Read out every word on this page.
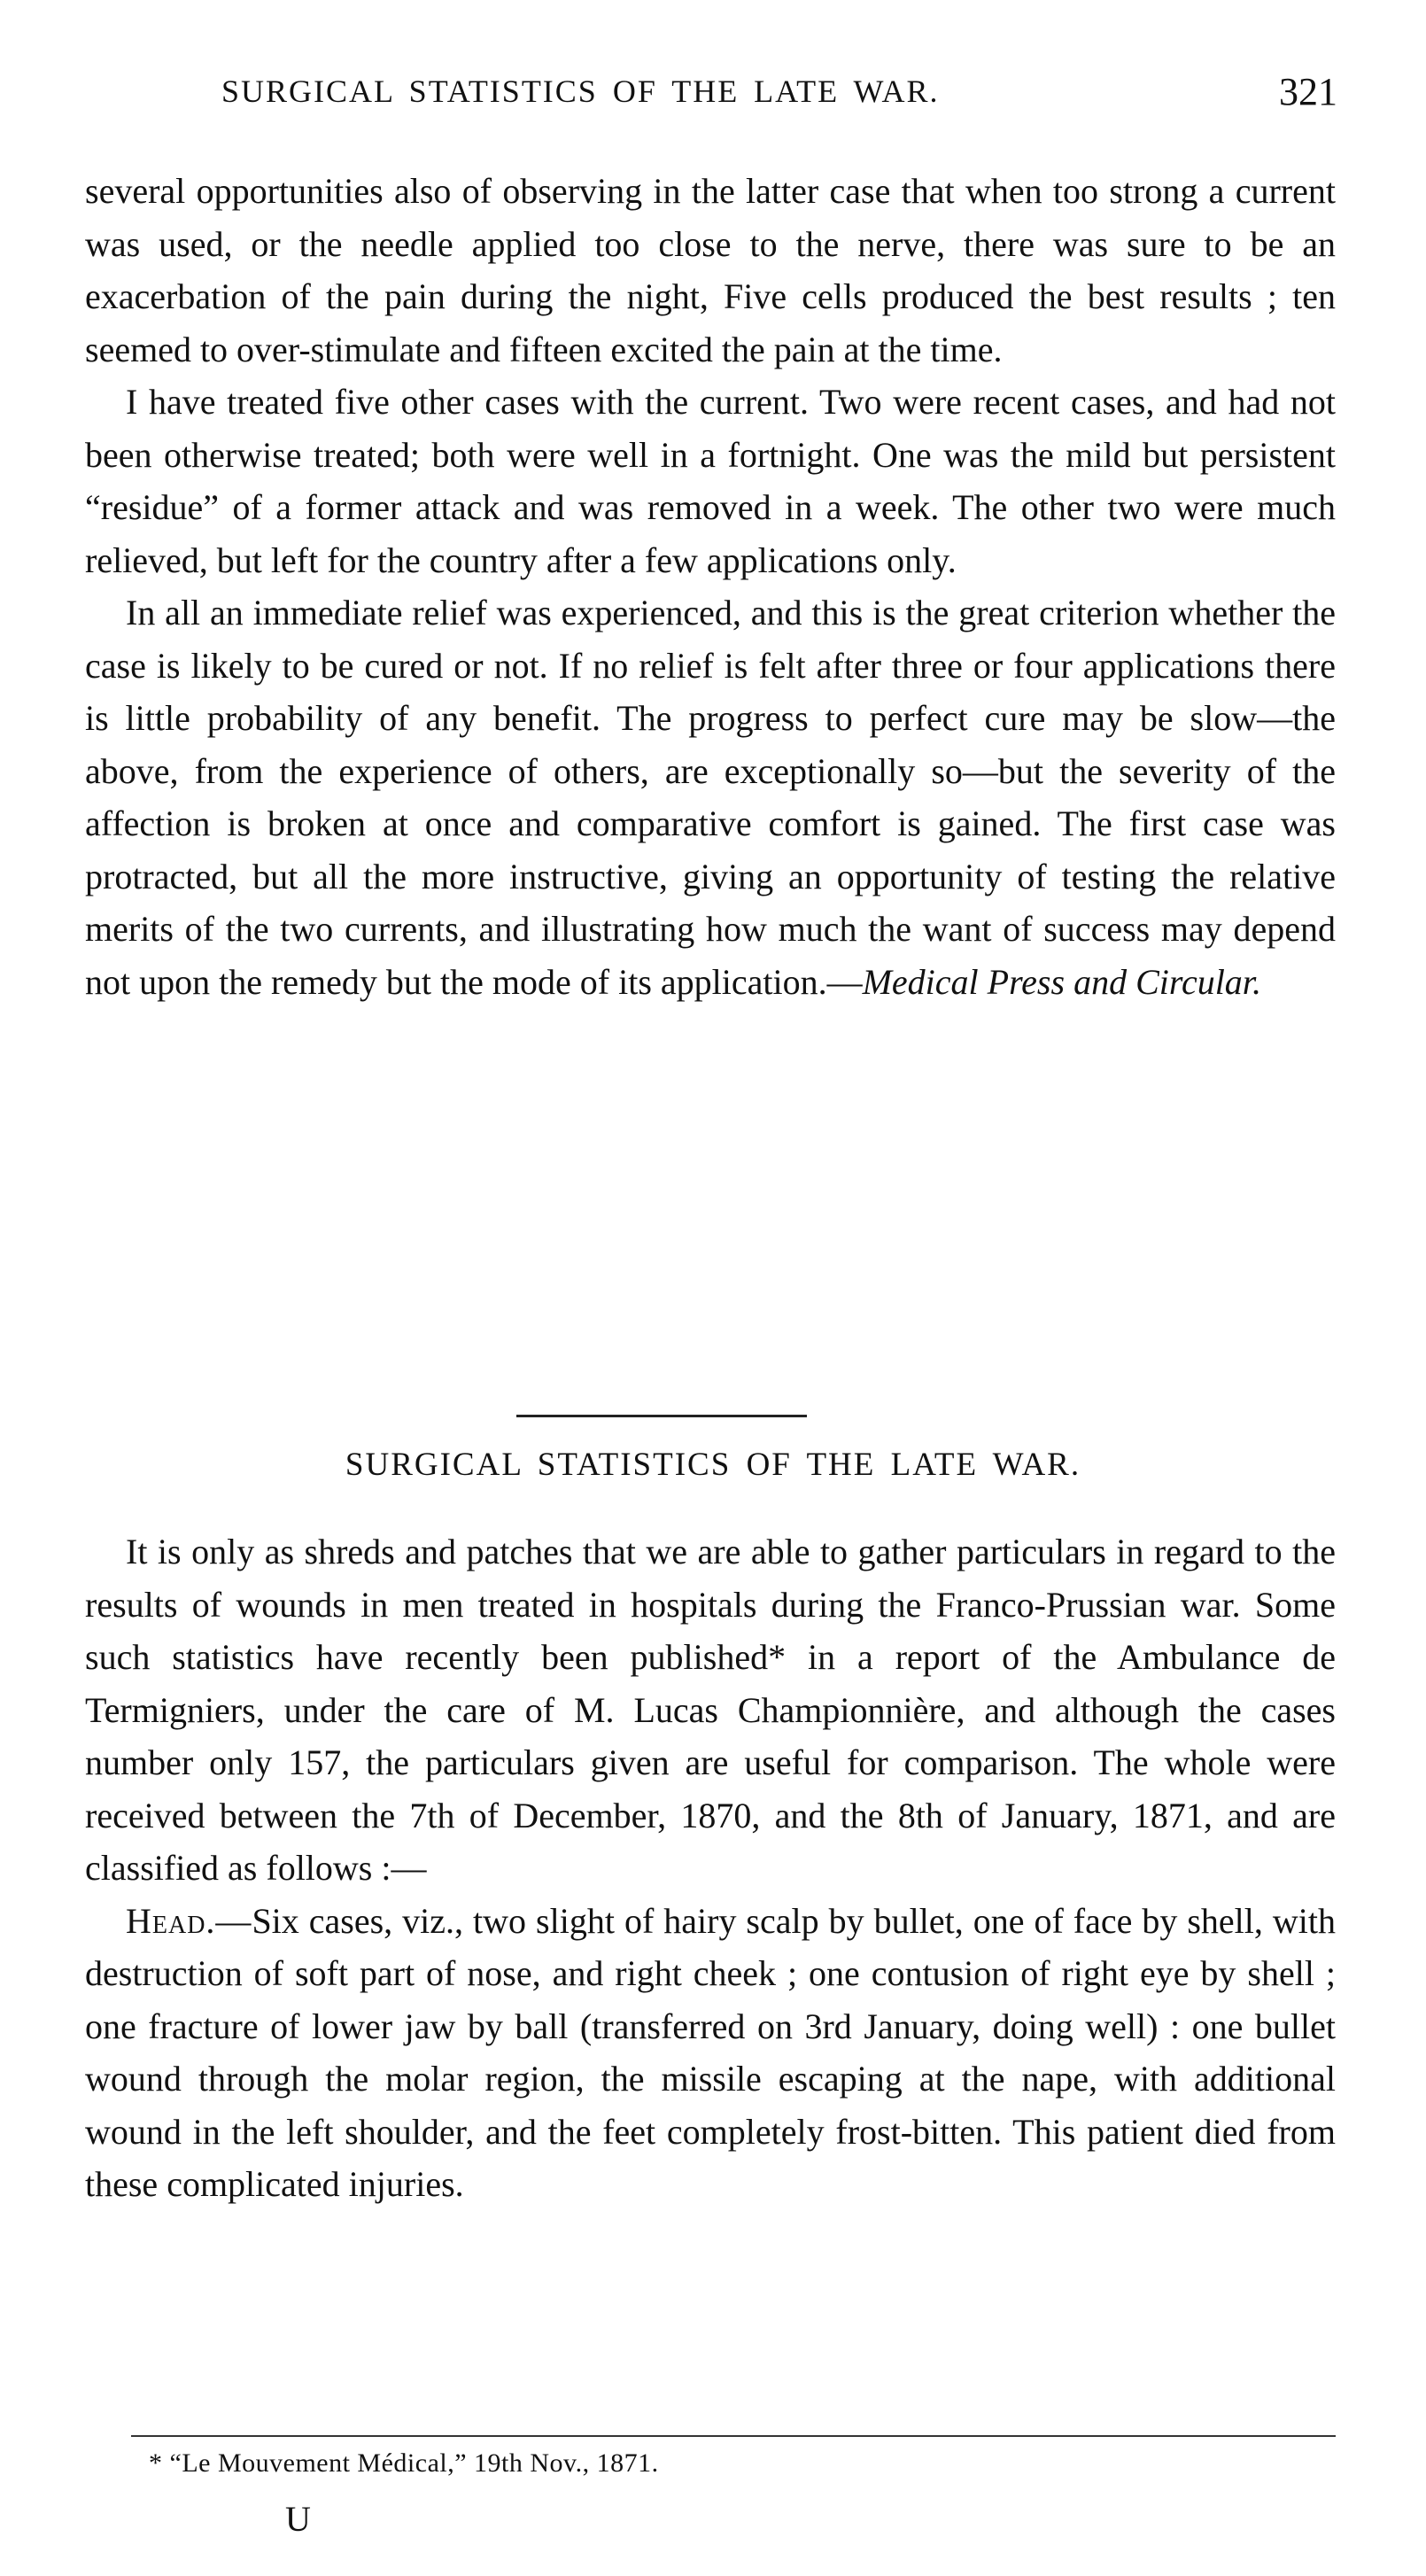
SURGICAL STATISTICS OF THE LATE WAR.	321

several opportunities also of observing in the latter case that when too strong a current was used, or the needle applied too close to the nerve, there was sure to be an exacerbation of the pain during the night, Five cells produced the best results ; ten seemed to over-stimulate and fifteen excited the pain at the time.

I have treated five other cases with the current. Two were recent cases, and had not been otherwise treated; both were well in a fortnight. One was the mild but persistent “residue” of a former attack and was removed in a week. The other two were much relieved, but left for the country after a few applications only.

In all an immediate relief was experienced, and this is the great criterion whether the case is likely to be cured or not. If no relief is felt after three or four applications there is little probability of any benefit. The progress to perfect cure may be slow—the above, from the experience of others, are exceptionally so—but the severity of the affection is broken at once and comparative comfort is gained. The first case was protracted, but all the more instructive, giving an opportunity of testing the relative merits of the two currents, and illustrating how much the want of success may depend not upon the remedy but the mode of its application.—Medical Press and Circular.

SURGICAL STATISTICS OF THE LATE WAR.

It is only as shreds and patches that we are able to gather particulars in regard to the results of wounds in men treated in hospitals during the Franco-Prussian war. Some such statistics have recently been published* in a report of the Ambulance de Termigniers, under the care of M. Lucas Championnière, and although the cases number only 157, the particulars given are useful for comparison. The whole were received between the 7th of December, 1870, and the 8th of January, 1871, and are classified as follows :—

Head.—Six cases, viz., two slight of hairy scalp by bullet, one of face by shell, with destruction of soft part of nose, and right cheek ; one contusion of right eye by shell ; one fracture of lower jaw by ball (transferred on 3rd January, doing well) : one bullet wound through the molar region, the missile escaping at the nape, with additional wound in the left shoulder, and the feet completely frost-bitten. This patient died from these complicated injuries.

* “Le Mouvement Médical,” 19th Nov., 1871.
U
